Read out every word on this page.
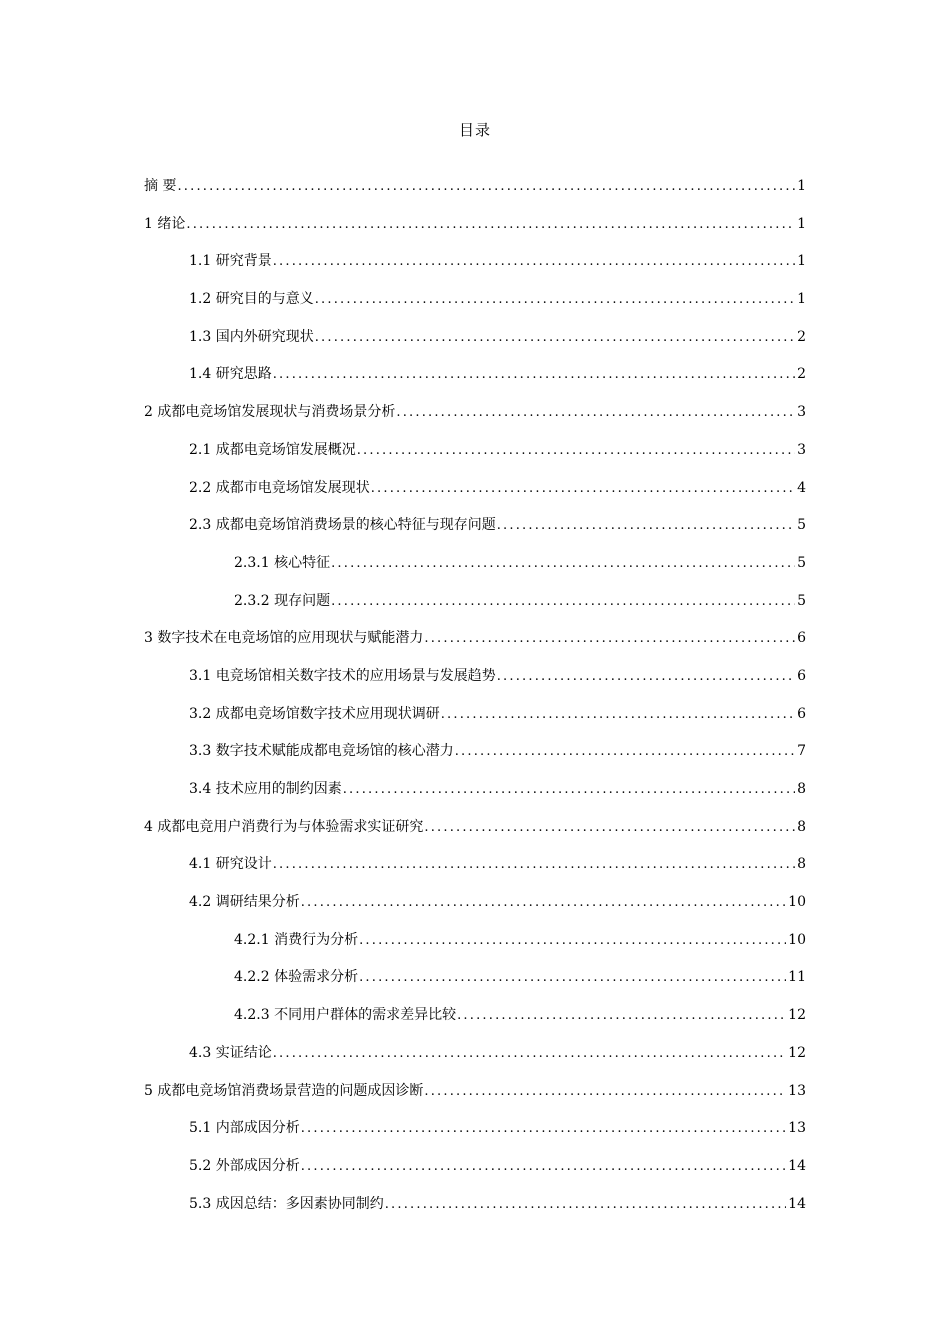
目录
摘 要 .....	1
1 绪论 .....	1
1.1 研究背景 .....	1
1.2 研究目的与意义 .....	1
1.3 国内外研究现状 .....	2
1.4 研究思路 .....	2
2 成都电竞场馆发展现状与消费场景分析 .....	3
2.1 成都电竞场馆发展概况 .....	3
2.2 成都市电竞场馆发展现状 .....	4
2.3 成都电竞场馆消费场景的核心特征与现存问题 .....	5
2.3.1 核心特征 .....	5
2.3.2 现存问题 .....	5
3 数字技术在电竞场馆的应用现状与赋能潜力 .....	6
3.1 电竞场馆相关数字技术的应用场景与发展趋势 .....	6
3.2 成都电竞场馆数字技术应用现状调研 .....	6
3.3 数字技术赋能成都电竞场馆的核心潜力 .....	7
3.4 技术应用的制约因素 .....	8
4 成都电竞用户消费行为与体验需求实证研究 .....	8
4.1 研究设计 .....	8
4.2 调研结果分析 .....	10
4.2.1 消费行为分析 .....	10
4.2.2 体验需求分析 .....	11
4.2.3 不同用户群体的需求差异比较 .....	12
4.3 实证结论 .....	12
5 成都电竞场馆消费场景营造的问题成因诊断 .....	13
5.1 内部成因分析 .....	13
5.2 外部成因分析 .....	14
5.3 成因总结：多因素协同制约 .....	14
